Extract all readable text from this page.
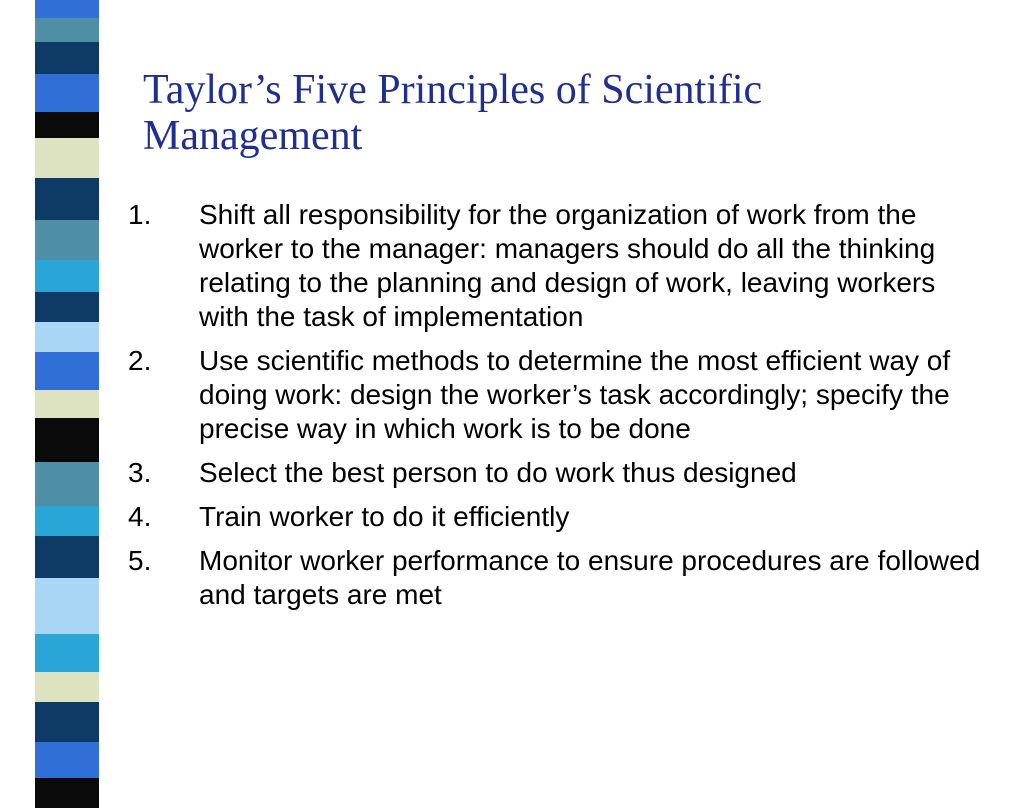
Taylor’s Five Principles of Scientific Management
1.	Shift all responsibility for the organization of work from the worker to the manager: managers should do all the thinking relating to the planning and design of work, leaving workers with the task of implementation
2.	Use scientific methods to determine the most efficient way of doing work: design the worker’s task accordingly; specify the precise way in which work is to be done
3.	Select the best person to do work thus designed
4.	Train worker to do it efficiently
5.	Monitor worker performance to ensure procedures are followed and targets are met
